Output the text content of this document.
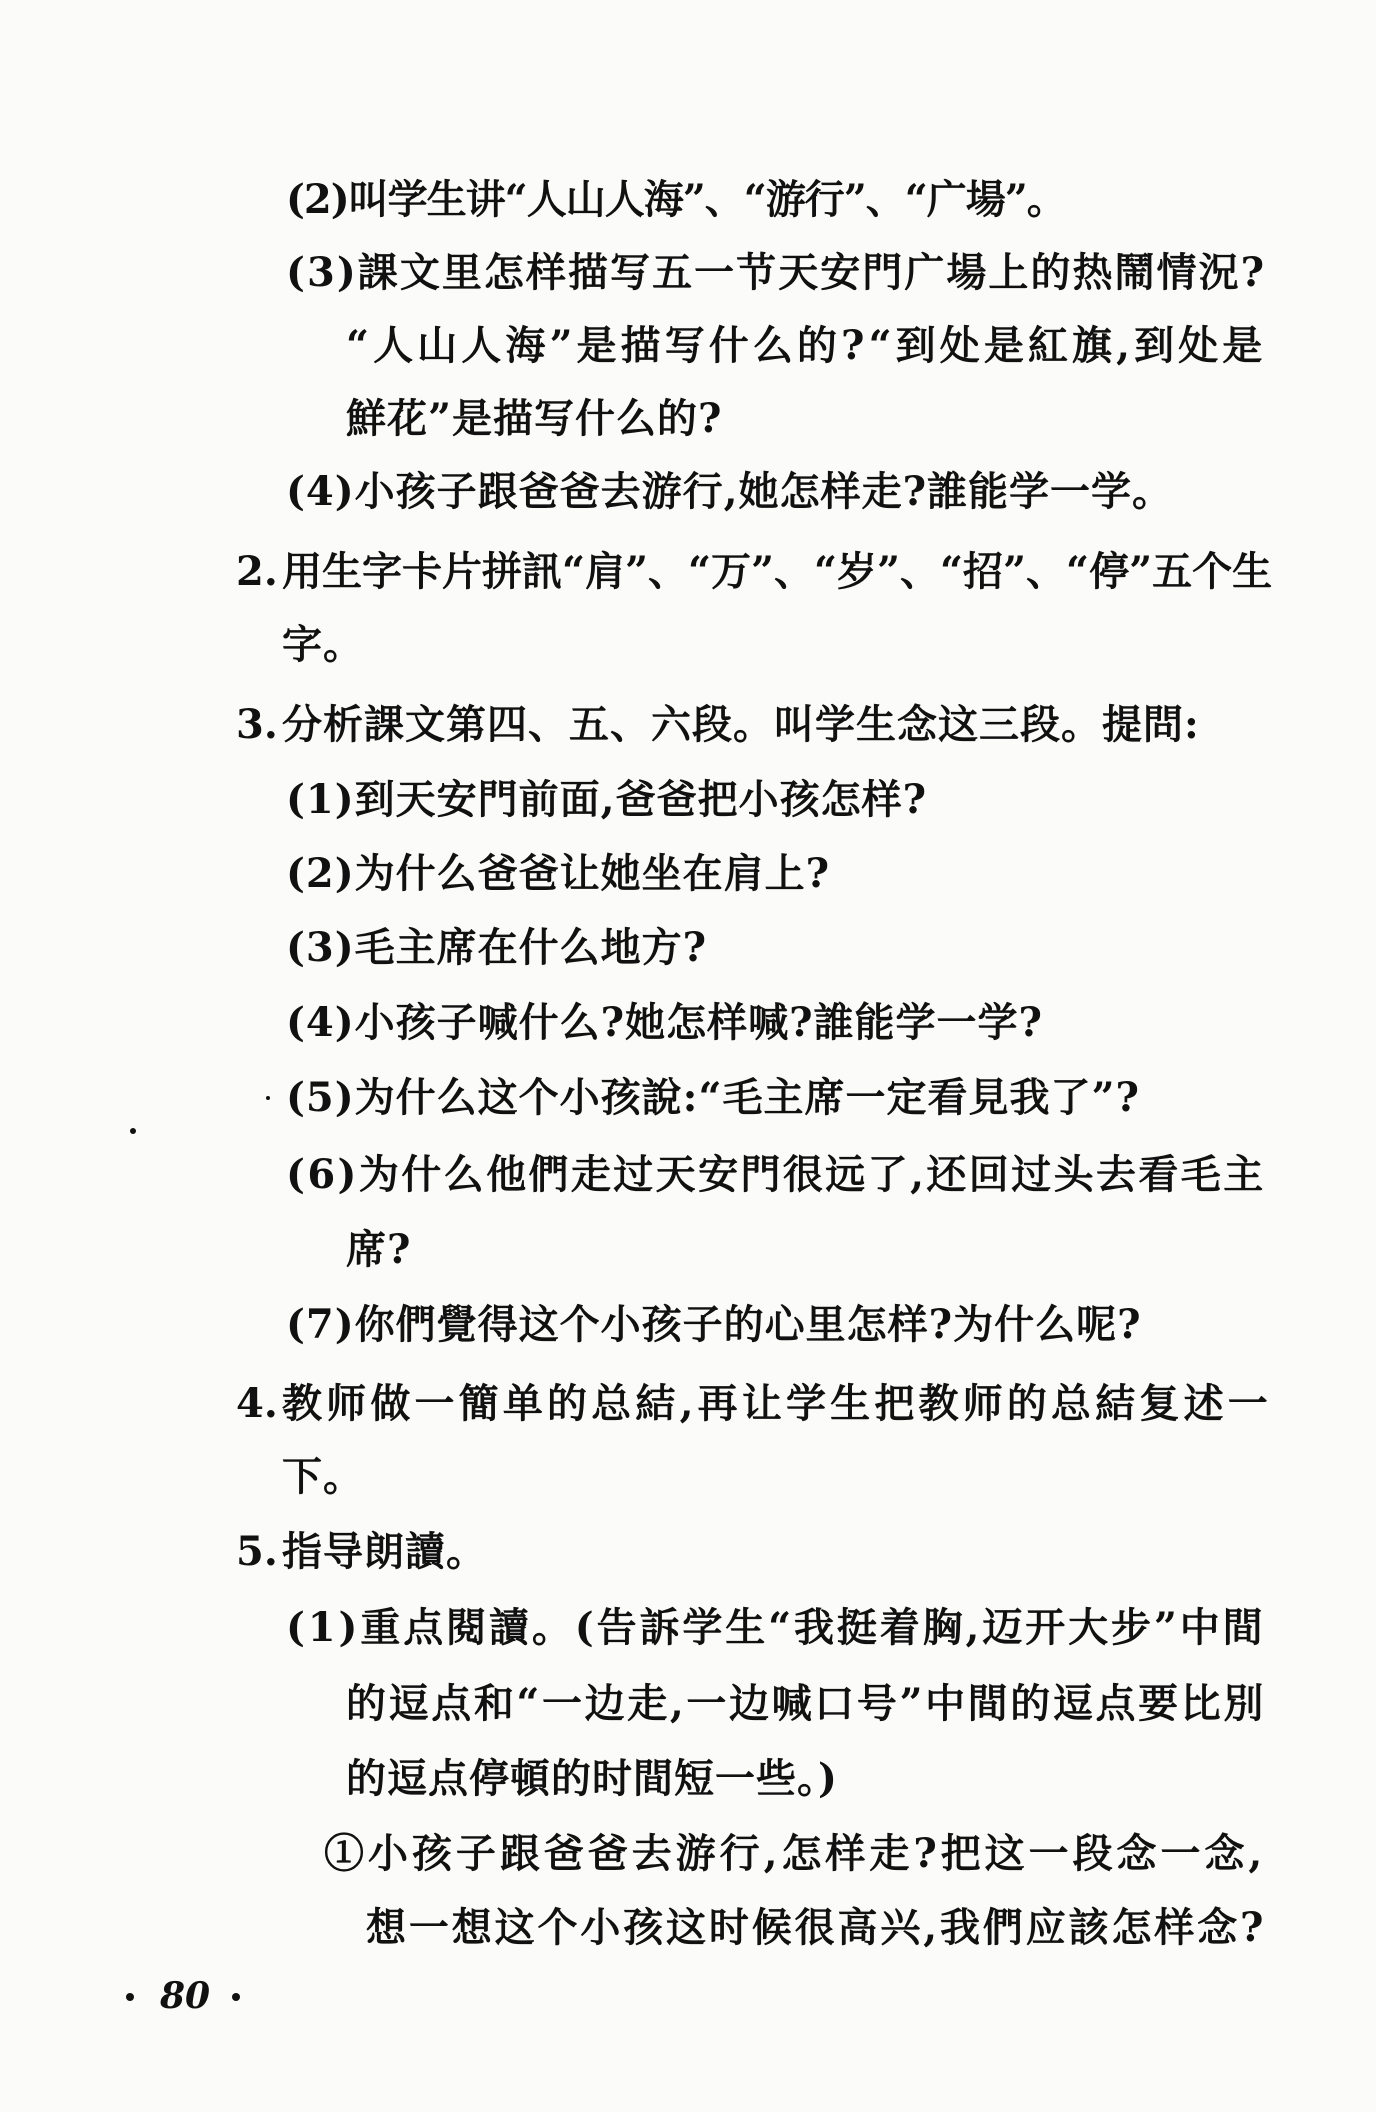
(2)叫学生讲“人山人海”、“游行”、“广場”。
(3)課文里怎样描写五一节天安門广場上的热鬧情況?
“人山人海”是描写什么的?“到处是紅旗,到处是
鮮花”是描写什么的?
(4)小孩子跟爸爸去游行,她怎样走?誰能学一学。
2. 用生字卡片拼訊“肩”、“万”、“岁”、“招”、“停”五个生
字。
3. 分析課文第四、五、六段。叫学生念这三段。提問:
(1)到天安門前面,爸爸把小孩怎样?
(2)为什么爸爸让她坐在肩上?
(3)毛主席在什么地方?
(4)小孩子喊什么?她怎样喊?誰能学一学?
(5)为什么这个小孩說:“毛主席一定看見我了”?
(6)为什么他們走过天安門很远了,还回过头去看毛主
席?
(7)你們覺得这个小孩子的心里怎样?为什么呢?
4. 教师做一簡单的总結,再让学生把教师的总結复述一
下。
5. 指导朗讀。
(1)重点閱讀。(告訴学生“我挺着胸,迈开大步”中間
的逗点和“一边走,一边喊口号”中間的逗点要比別
的逗点停頓的时間短一些。)
①小孩子跟爸爸去游行,怎样走?把这一段念一念,
想一想这个小孩这时候很高兴,我們应該怎样念?
80
